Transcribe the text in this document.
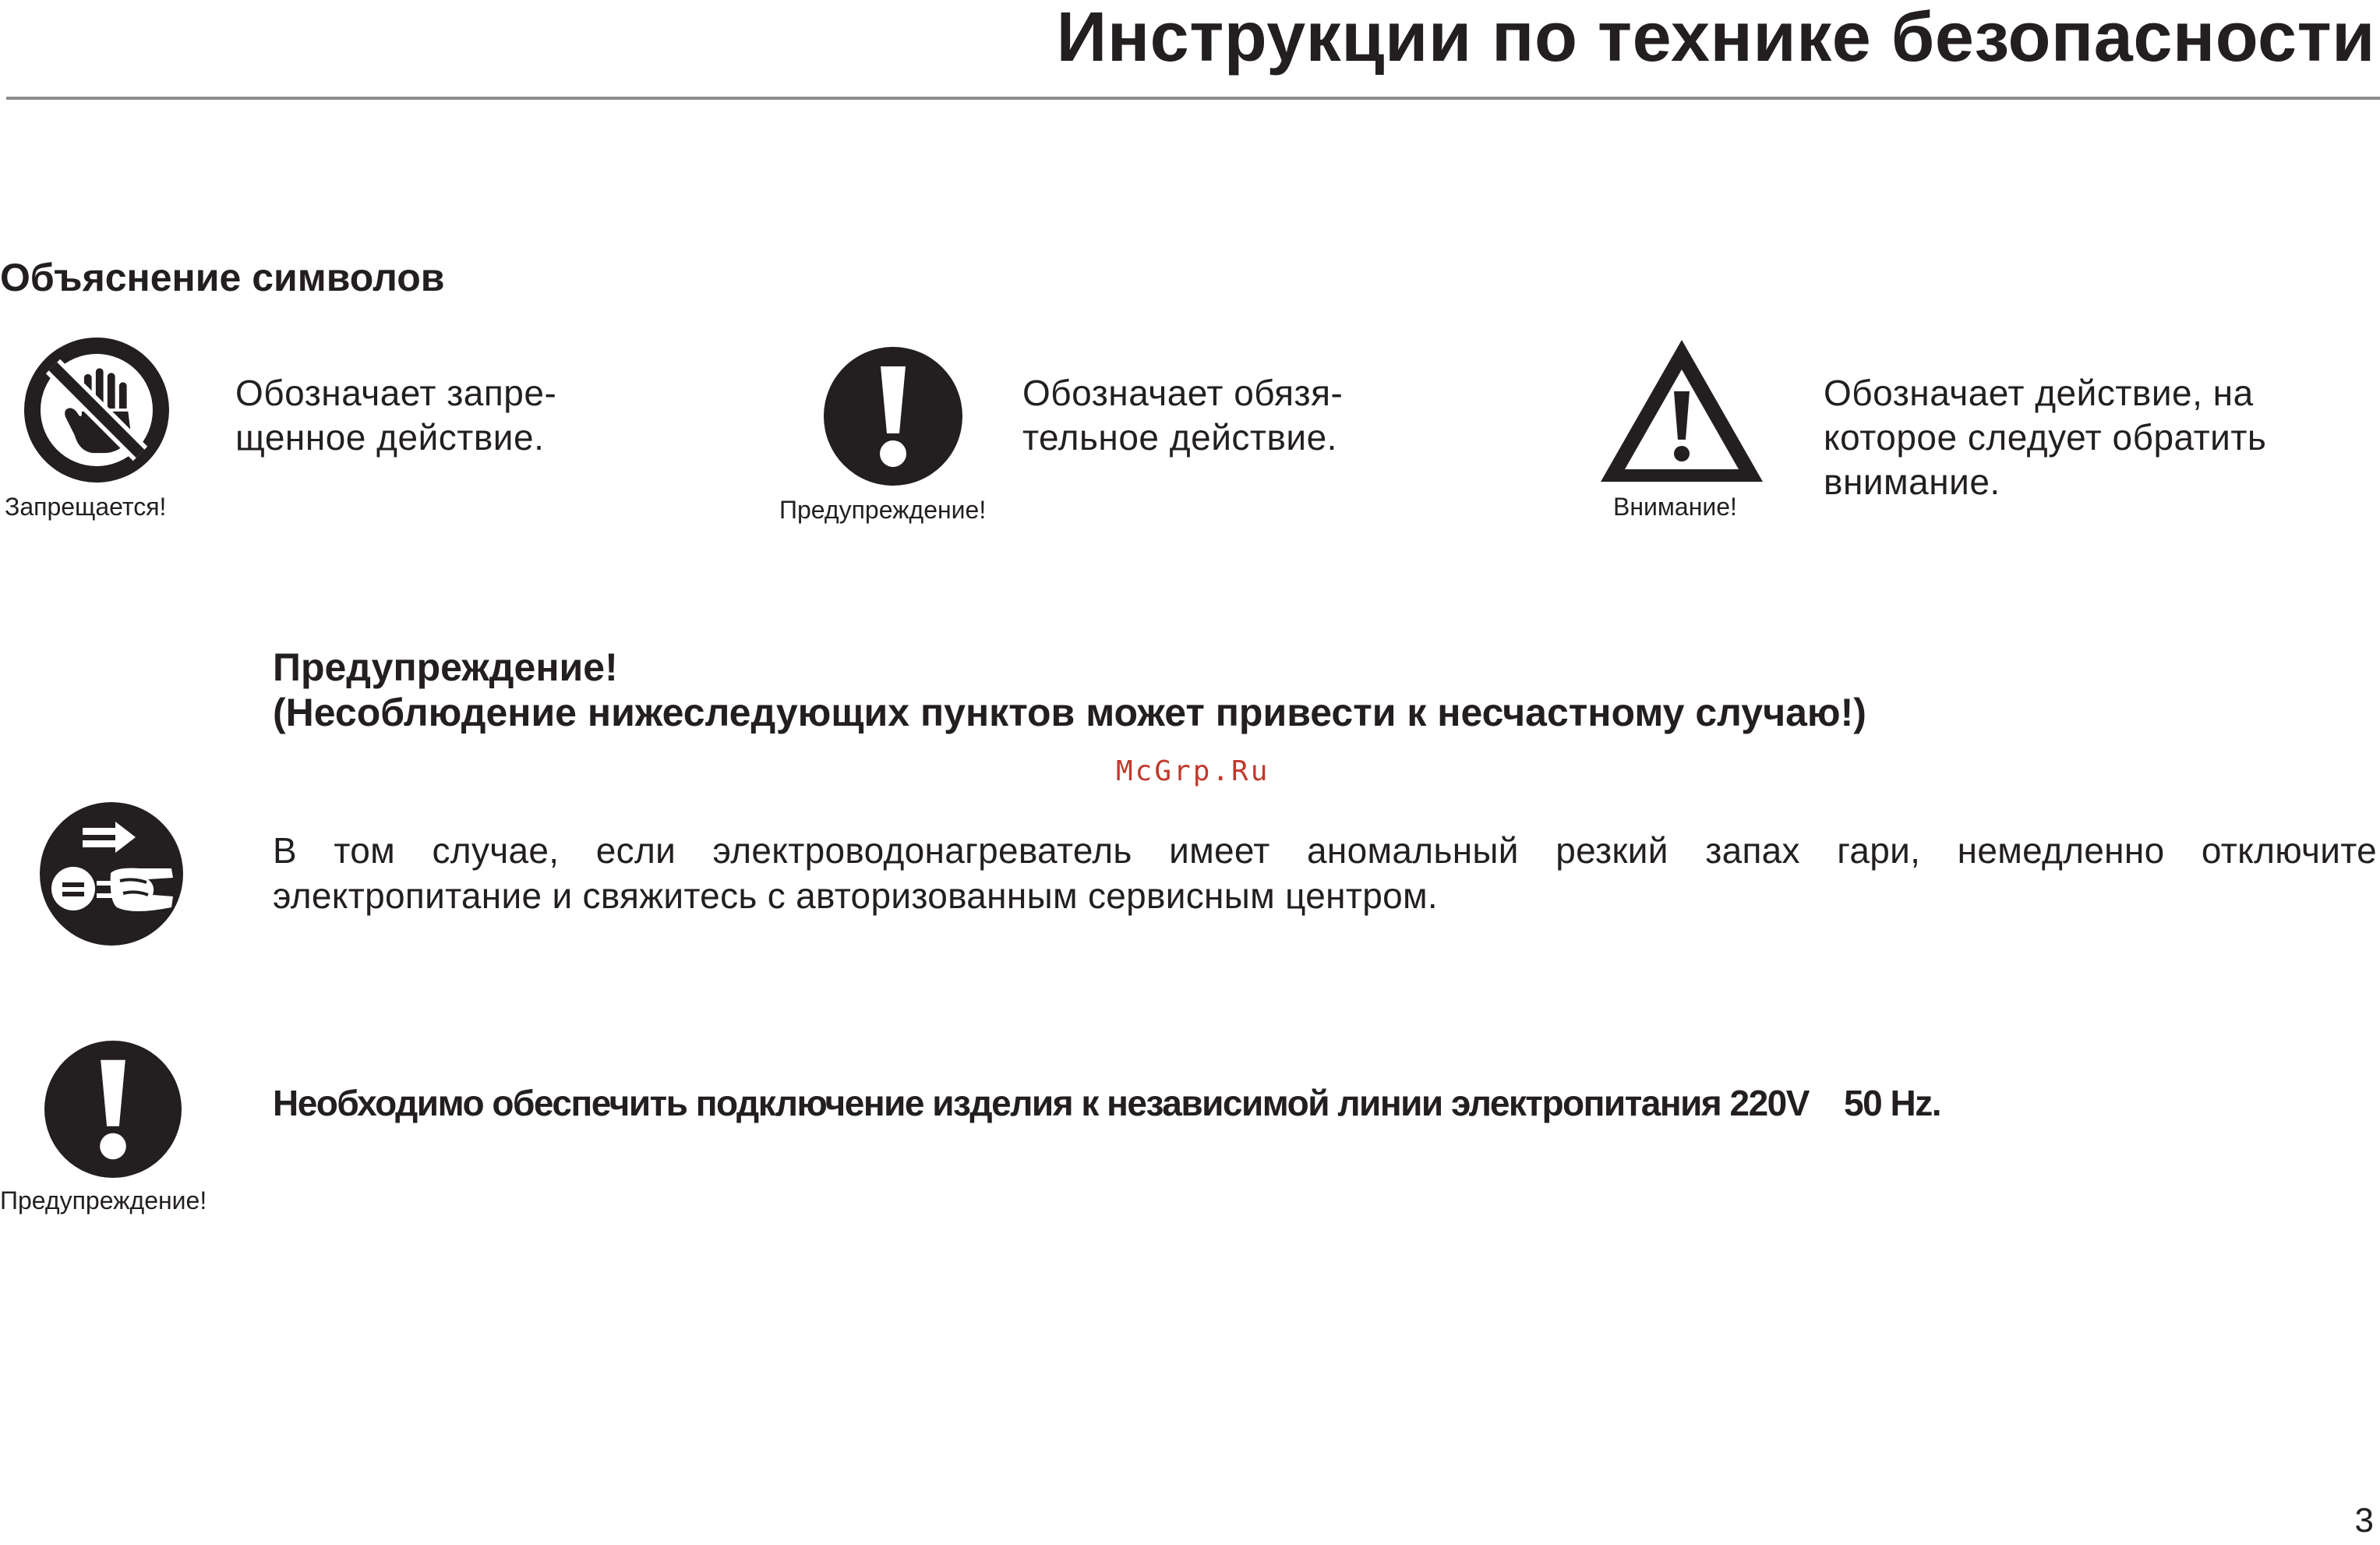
Инструкции по технике безопасности
Объяснение символов
Запрещается!
Обозначает запре-
щенное действие.
Предупреждение!
Обозначает обязя-
тельное действие.
Внимание!
Обозначает действие, на
которое следует обратить
внимание.
Предупреждение!
(Несоблюдение нижеследующих пунктов может привести к несчастному случаю!)
McGrp.Ru
В том случае, если электроводонагреватель имеет аномальный резкий запах гари, немедленно отключите
электропитание и свяжитесь с авторизованным сервисным центром.
Предупреждение!
Необходимо обеспечить подключение изделия к независимой линии электропитания 220V    50 Hz.
3
